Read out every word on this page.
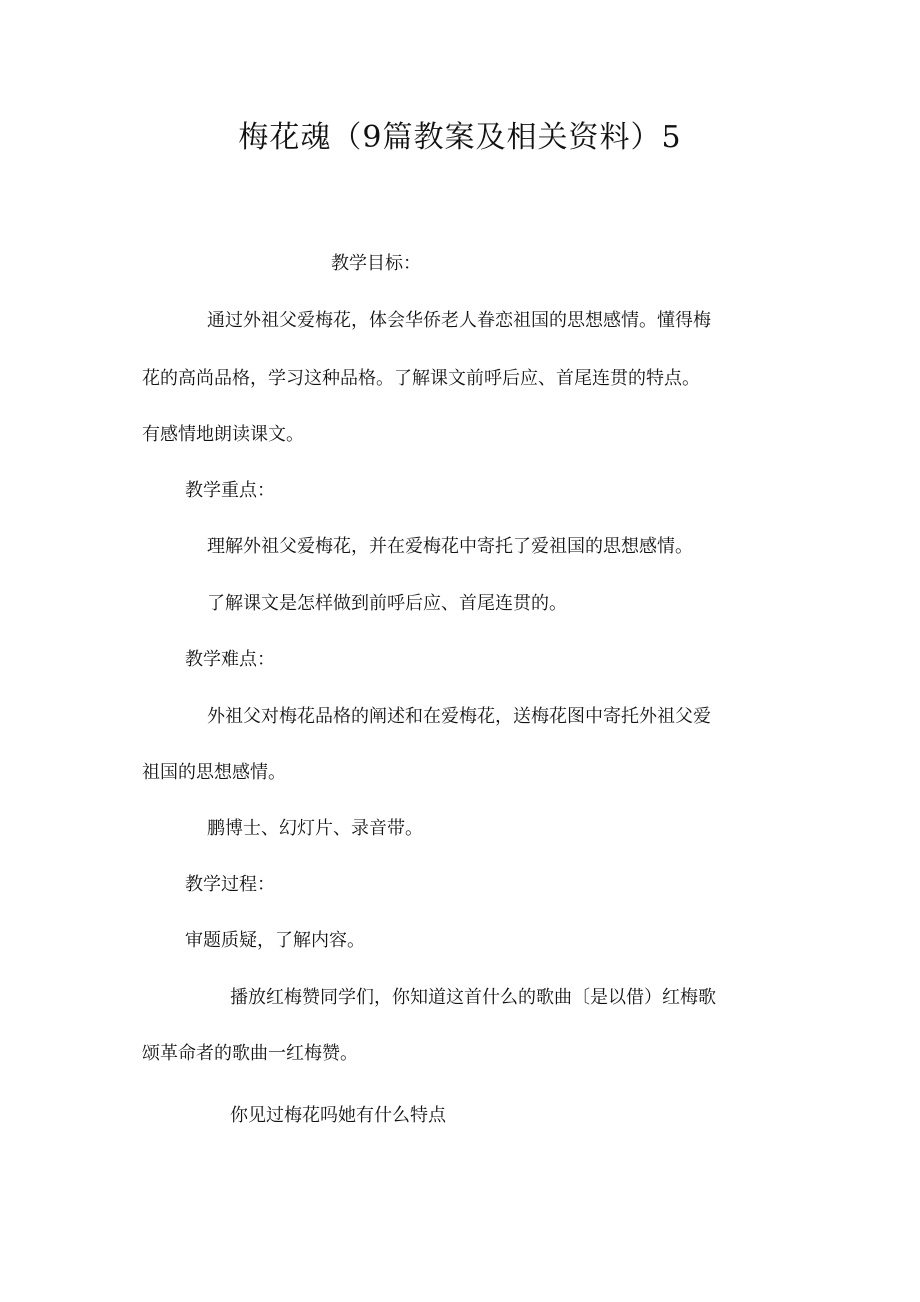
梅花魂（9篇教案及相关资料）5
教学目标：
通过外祖父爱梅花，体会华侨老人眷恋祖国的思想感情。懂得梅
花的高尚品格，学习这种品格。了解课文前呼后应、首尾连贯的特点。
有感情地朗读课文。
教学重点：
理解外祖父爱梅花，并在爱梅花中寄托了爱祖国的思想感情。
了解课文是怎样做到前呼后应、首尾连贯的。
教学难点：
外祖父对梅花品格的阐述和在爱梅花，送梅花图中寄托外祖父爱
祖国的思想感情。
鹏博士、幻灯片、录音带。
教学过程：
审题质疑，了解内容。
播放红梅赞同学们，你知道这首什么的歌曲〔是以借）红梅歌
颂革命者的歌曲一红梅赞。
你见过梅花吗她有什么特点
